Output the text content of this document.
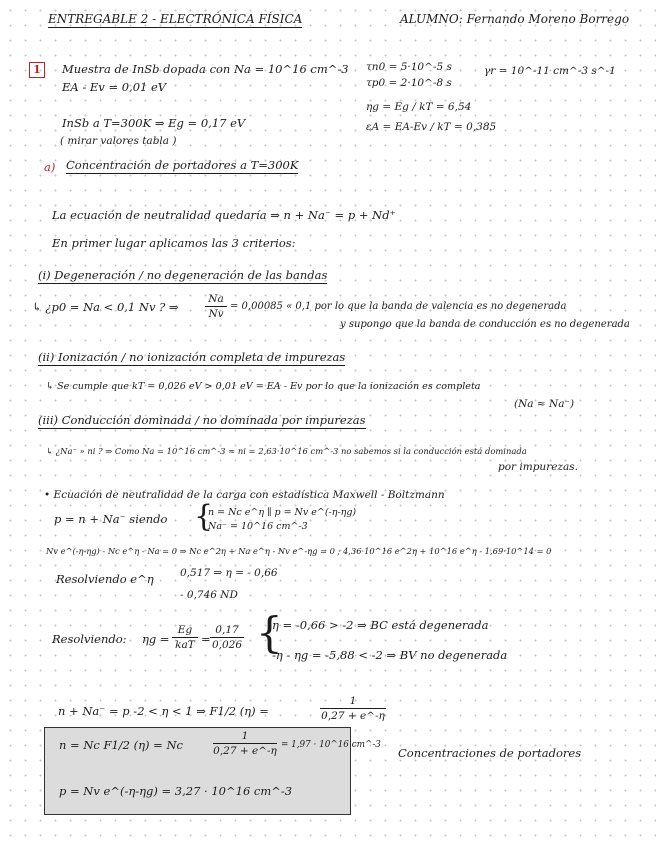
ENTREGABLE 2 - ELECTRÓNICA FÍSICA	ALUMNO: Fernando Moreno Borrego
1	Muestra de InSb dopada con Na = 10^16 cm^-3
EA - Ev = 0,01 eV
τn0 = 5·10^-5 s
τp0 = 2·10^-8 s
γr = 10^-11 cm^-3 s^-1
ηg = Eg / kT = 6,54
εA = EA-Ev / kT = 0,385
InSb a T=300K ⇒ Eg = 0,17 eV
( mirar valores tabla )
a) Concentración de portadores a T=300K
La ecuación de neutralidad quedaría ⇒ n + Na⁻ = p + Nd⁺
En primer lugar aplicamos las 3 criterios:
(i) Degeneración / no degeneración de las bandas
↳ ¿p0 = Na < 0,1 Nv ? ⇒
Na
Nv
= 0,00085 « 0,1 por lo que la banda de valencia es no degenerada
y supongo que la banda de conducción es no degenerada
(ii) Ionización / no ionización completa de impurezas
↳ Se cumple que kT = 0,026 eV > 0,01 eV = EA - Ev por lo que la ionización es completa
(Na ≈ Na⁻)
(iii) Conducción dominada / no dominada por impurezas
↳ ¿Na⁻ » ni ? ⇒ Como Na = 10^16 cm^-3 ≈ ni = 2,63·10^16 cm^-3 no sabemos si la conducción está dominada
por impurezas.
• Ecuación de neutralidad de la carga con estadística Maxwell - Boltzmann
p = n + Na⁻ siendo {
n = Nc e^η ∥ p = Nv e^(-η-ηg)
Na⁻ = 10^16 cm^-3
Nv e^(-η-ηg) - Nc e^η - Na = 0 ⇒ Nc e^2η + Na e^η - Nv e^-ηg = 0 ; 4,36·10^16 e^2η + 10^16 e^η - 1,69·10^14 = 0
Resolviendo e^η	0,517 ⇒ η = - 0,66
- 0,746 ND
Resolviendo: ηg =
Eg
kaT =
0,17
0,026 {
η = -0,66 > -2 ⇒ BC está degenerada
-η - ηg = -5,88 < -2 ⇒ BV no degenerada
n + Na⁻ = p -2 < η < 1 ⇒ F1/2 (η) =
1
0,27 + e^-η
n = Nc F1/2 (η) = Nc
1
0,27 + e^-η = 1,97 · 10^16 cm^-3
p = Nv e^(-η-ηg) = 3,27 · 10^16 cm^-3
Concentraciones de portadores
